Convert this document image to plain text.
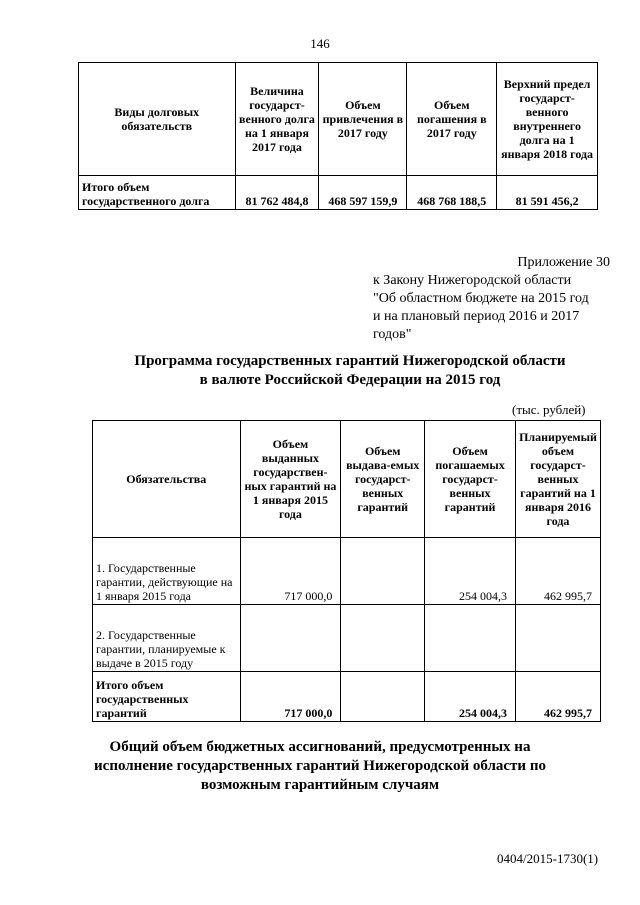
146
Виды долговых обязательств	Величина государст-венного долга на 1 января 2017 года	Объем привлечения в 2017 году	Объем погашения в 2017 году	Верхний предел государст-венного внутреннего долга на 1 января 2018 года
Итого объем государственного долга	81 762 484,8	468 597 159,9	468 768 188,5	81 591 456,2
Приложение 30
к Закону Нижегородской области
"Об областном бюджете на 2015 год
и на плановый период 2016 и 2017
годов"
Программа государственных гарантий Нижегородской области
в валюте Российской Федерации на 2015 год
(тыс. рублей)
Обязательства	Объем выданных государствен-ных гарантий на 1 января 2015 года	Объем выдава-емых государст-венных гарантий	Объем погашаемых государст-венных гарантий	Планируемый объем государст-венных гарантий на 1 января 2016 года
1. Государственные гарантии, действующие на 1 января 2015 года	717 000,0		254 004,3	462 995,7
2. Государственные гарантии, планируемые к выдаче в 2015 году				
Итого объем государственных гарантий	717 000,0		254 004,3	462 995,7
Общий объем бюджетных ассигнований, предусмотренных на
исполнение государственных гарантий Нижегородской области по
возможным гарантийным случаям
0404/2015-1730(1)
